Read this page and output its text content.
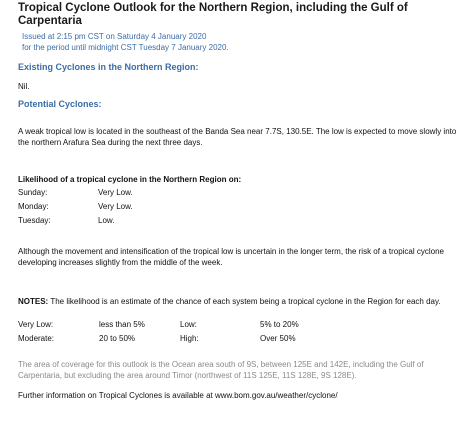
Tropical Cyclone Outlook for the Northern Region, including the Gulf of Carpentaria
Issued at 2:15 pm CST on Saturday 4 January 2020
for the period until midnight CST Tuesday 7 January 2020.
Existing Cyclones in the Northern Region:
Nil.
Potential Cyclones:
A weak tropical low is located in the southeast of the Banda Sea near 7.7S, 130.5E. The low is expected to move slowly into the northern Arafura Sea during the next three days.
Likelihood of a tropical cyclone in the Northern Region on:
Sunday:	Very Low.
Monday:	Very Low.
Tuesday:	Low.
Although the movement and intensification of the tropical low is uncertain in the longer term, the risk of a tropical cyclone developing increases slightly from the middle of the week.
NOTES: The likelihood is an estimate of the chance of each system being a tropical cyclone in the Region for each day.
Very Low:	less than 5%	Low:	5% to 20%
Moderate:	20 to 50%	High:	Over 50%
The area of coverage for this outlook is the Ocean area south of 9S, between 125E and 142E, including the Gulf of Carpentaria, but excluding the area around Timor (northwest of 11S 125E, 11S 128E, 9S 128E).
Further information on Tropical Cyclones is available at www.bom.gov.au/weather/cyclone/
